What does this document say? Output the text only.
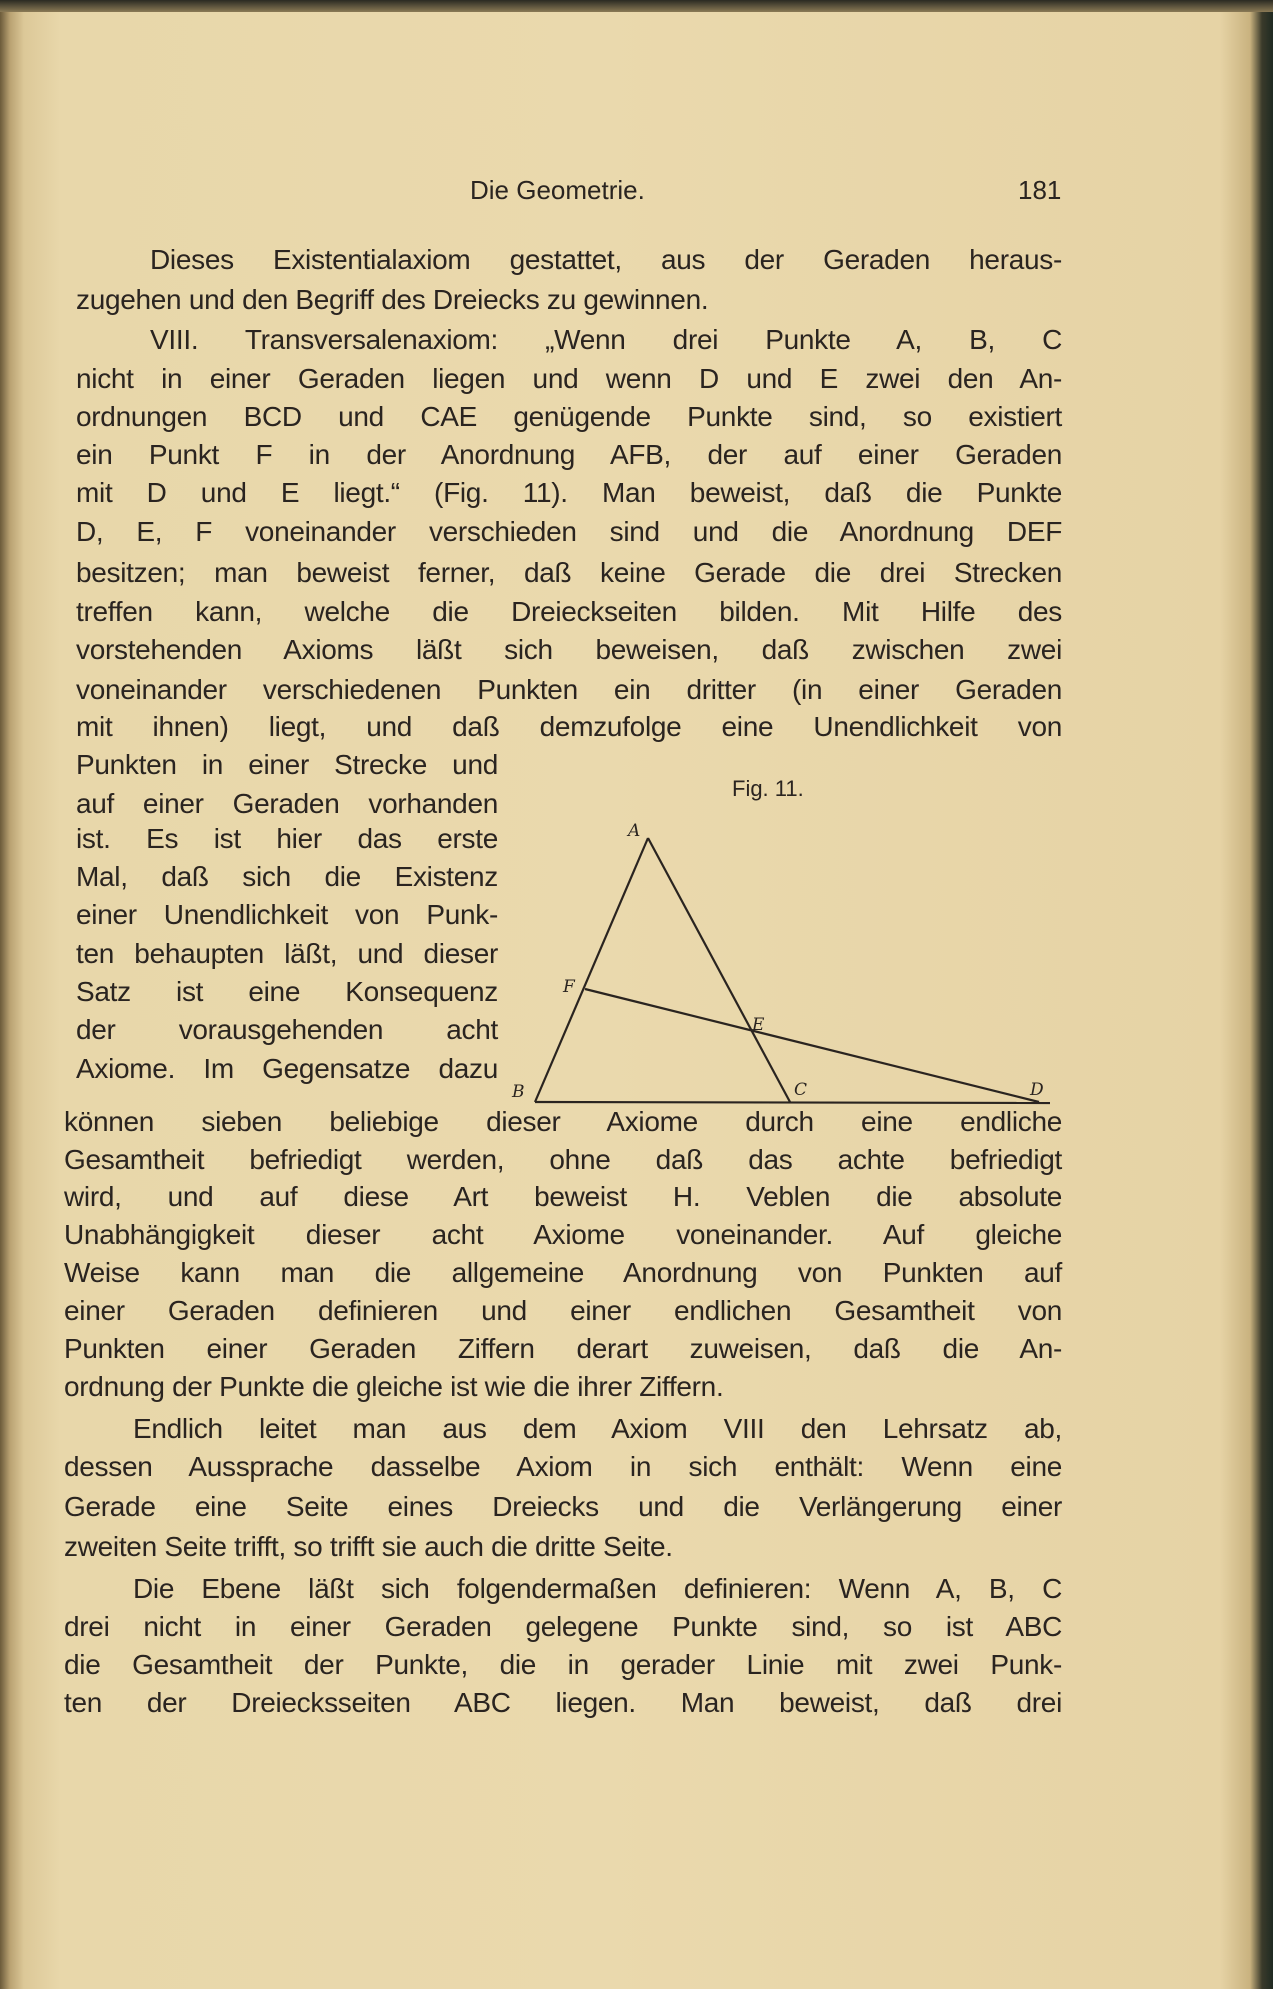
Die Geometrie.	181
Dieses Existentialaxiom gestattet, aus der Geraden heraus-
zugehen und den Begriff des Dreiecks zu gewinnen.
VIII. Transversalenaxiom: „Wenn drei Punkte A, B, C
nicht in einer Geraden liegen und wenn D und E zwei den An-
ordnungen BCD und CAE genügende Punkte sind, so existiert
ein Punkt F in der Anordnung AFB, der auf einer Geraden
mit D und E liegt.“ (Fig. 11). Man beweist, daß die Punkte
D, E, F voneinander verschieden sind und die Anordnung DEF
besitzen; man beweist ferner, daß keine Gerade die drei Strecken
treffen kann, welche die Dreieckseiten bilden. Mit Hilfe des
vorstehenden Axioms läßt sich beweisen, daß zwischen zwei
voneinander verschiedenen Punkten ein dritter (in einer Geraden
mit ihnen) liegt, und daß demzufolge eine Unendlichkeit von
Punkten in einer Strecke und
auf einer Geraden vorhanden
ist. Es ist hier das erste
Mal, daß sich die Existenz
einer Unendlichkeit von Punk-
ten behaupten läßt, und dieser
Satz ist eine Konsequenz
der vorausgehenden acht
Axiome. Im Gegensatze dazu
können sieben beliebige dieser Axiome durch eine endliche
Gesamtheit befriedigt werden, ohne daß das achte befriedigt
wird, und auf diese Art beweist H. Veblen die absolute
Unabhängigkeit dieser acht Axiome voneinander. Auf gleiche
Weise kann man die allgemeine Anordnung von Punkten auf
einer Geraden definieren und einer endlichen Gesamtheit von
Punkten einer Geraden Ziffern derart zuweisen, daß die An-
ordnung der Punkte die gleiche ist wie die ihrer Ziffern.
Endlich leitet man aus dem Axiom VIII den Lehrsatz ab,
dessen Aussprache dasselbe Axiom in sich enthält: Wenn eine
Gerade eine Seite eines Dreiecks und die Verlängerung einer
zweiten Seite trifft, so trifft sie auch die dritte Seite.
Die Ebene läßt sich folgendermaßen definieren: Wenn A, B, C
drei nicht in einer Geraden gelegene Punkte sind, so ist ABC
die Gesamtheit der Punkte, die in gerader Linie mit zwei Punk-
ten der Dreiecksseiten ABC liegen. Man beweist, daß drei
Fig. 11.
B
A
C	D
E
F
